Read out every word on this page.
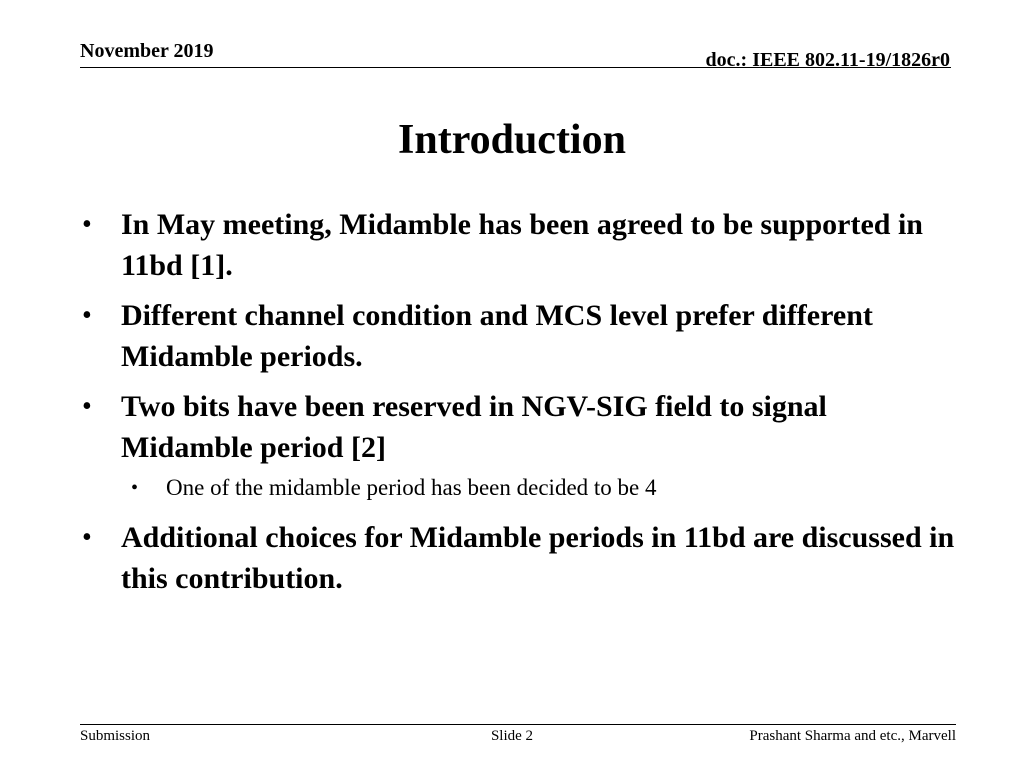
November 2019	doc.: IEEE 802.11-19/1826r0
Introduction
• In May meeting, Midamble has been agreed to be supported in 11bd [1].
• Different channel condition and MCS level prefer different Midamble periods.
• Two bits have been reserved in NGV-SIG field to signal Midamble period [2]
• One of the midamble period has been decided to be 4
• Additional choices for Midamble periods in 11bd are discussed in this contribution.
Submission	Slide 2	Prashant Sharma and etc., Marvell
